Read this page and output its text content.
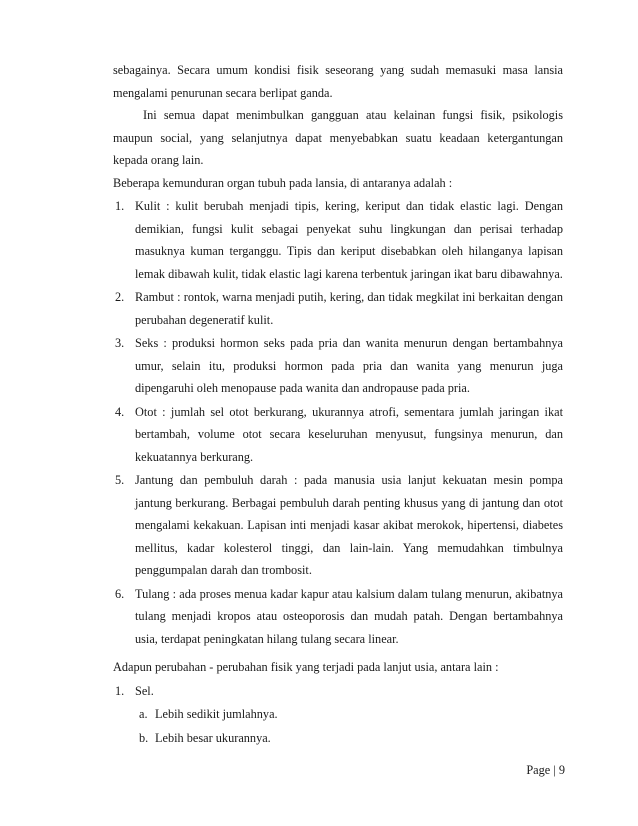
sebagainya. Secara umum kondisi fisik seseorang yang sudah memasuki masa lansia mengalami penurunan secara berlipat ganda.

Ini semua dapat menimbulkan gangguan atau kelainan fungsi fisik, psikologis maupun social, yang selanjutnya dapat menyebabkan suatu keadaan ketergantungan kepada orang lain.

Beberapa kemunduran organ tubuh pada lansia, di antaranya adalah :

1. Kulit : kulit berubah menjadi tipis, kering, keriput dan tidak elastic lagi. Dengan demikian, fungsi kulit sebagai penyekat suhu lingkungan dan perisai terhadap masuknya kuman terganggu. Tipis dan keriput disebabkan oleh hilanganya lapisan lemak dibawah kulit, tidak elastic lagi karena terbentuk jaringan ikat baru dibawahnya.
2. Rambut : rontok, warna menjadi putih, kering, dan tidak megkilat ini berkaitan dengan perubahan degeneratif kulit.
3. Seks : produksi hormon seks pada pria dan wanita menurun dengan bertambahnya umur, selain itu, produksi hormon pada pria dan wanita yang menurun juga dipengaruhi oleh menopause pada wanita dan andropause pada pria.
4. Otot : jumlah sel otot berkurang, ukurannya atrofi, sementara jumlah jaringan ikat bertambah, volume otot secara keseluruhan menyusut, fungsinya menurun, dan kekuatannya berkurang.
5. Jantung dan pembuluh darah : pada manusia usia lanjut kekuatan mesin pompa jantung berkurang. Berbagai pembuluh darah penting khusus yang di jantung dan otot mengalami kekakuan. Lapisan inti menjadi kasar akibat merokok, hipertensi, diabetes mellitus, kadar kolesterol tinggi, dan lain-lain. Yang memudahkan timbulnya penggumpalan darah dan trombosit.
6. Tulang : ada proses menua kadar kapur atau kalsium dalam tulang menurun, akibatnya tulang menjadi kropos atau osteoporosis dan mudah patah. Dengan bertambahnya usia, terdapat peningkatan hilang tulang secara linear.

Adapun perubahan - perubahan fisik yang terjadi pada lanjut usia, antara lain :

1. Sel.
a. Lebih sedikit jumlahnya.
b. Lebih besar ukurannya.
Page | 9
